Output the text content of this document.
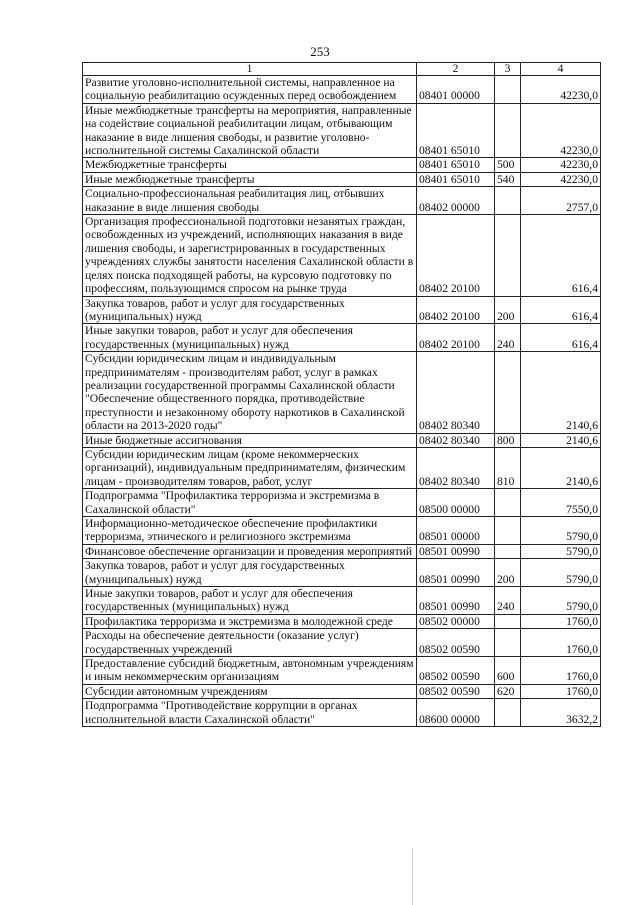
253
1	2	3	4
Развитие уголовно-исполнительной системы, направленное на социальную реабилитацию осужденных перед освобождением	08401 00000		42230,0
Иные межбюджетные трансферты на мероприятия, направленные на содействие социальной реабилитации лицам, отбывающим наказание в виде лишения свободы, и развитие уголовно-исполнительной системы Сахалинской области	08401 65010		42230,0
Межбюджетные трансферты	08401 65010	500	42230,0
Иные межбюджетные трансферты	08401 65010	540	42230,0
Социально-профессиональная реабилитация лиц, отбывших наказание в виде лишения свободы	08402 00000		2757,0
Организация профессиональной подготовки незанятых граждан, освобожденных из учреждений, исполняющих наказания в виде лишения свободы, и зарегистрированных в государственных учреждениях службы занятости населения Сахалинской области в целях поиска подходящей работы, на курсовую подготовку по профессиям, пользующимся спросом на рынке труда	08402 20100		616,4
Закупка товаров, работ и услуг для государственных (муниципальных) нужд	08402 20100	200	616,4
Иные закупки товаров, работ и услуг для обеспечения государственных (муниципальных) нужд	08402 20100	240	616,4
Субсидии юридическим лицам и индивидуальным предпринимателям - производителям работ, услуг в рамках реализации государственной программы Сахалинской области "Обеспечение общественного порядка, противодействие преступности и незаконному обороту наркотиков в Сахалинской области на 2013-2020 годы"	08402 80340		2140,6
Иные бюджетные ассигнования	08402 80340	800	2140,6
Субсидии юридическим лицам (кроме некоммерческих организаций), индивидуальным предпринимателям, физическим лицам - производителям товаров, работ, услуг	08402 80340	810	2140,6
Подпрограмма "Профилактика терроризма и экстремизма в Сахалинской области"	08500 00000		7550,0
Информационно-методическое обеспечение профилактики терроризма, этнического и религиозного экстремизма	08501 00000		5790,0
Финансовое обеспечение организации и проведения мероприятий	08501 00990		5790,0
Закупка товаров, работ и услуг для государственных (муниципальных) нужд	08501 00990	200	5790,0
Иные закупки товаров, работ и услуг для обеспечения государственных (муниципальных) нужд	08501 00990	240	5790,0
Профилактика терроризма и экстремизма в молодежной среде	08502 00000		1760,0
Расходы на обеспечение деятельности (оказание услуг) государственных учреждений	08502 00590		1760,0
Предоставление субсидий бюджетным, автономным учреждениям и иным некоммерческим организациям	08502 00590	600	1760,0
Субсидии автономным учреждениям	08502 00590	620	1760,0
Подпрограмма "Противодействие коррупции в органах исполнительной власти Сахалинской области"	08600 00000		3632,2
